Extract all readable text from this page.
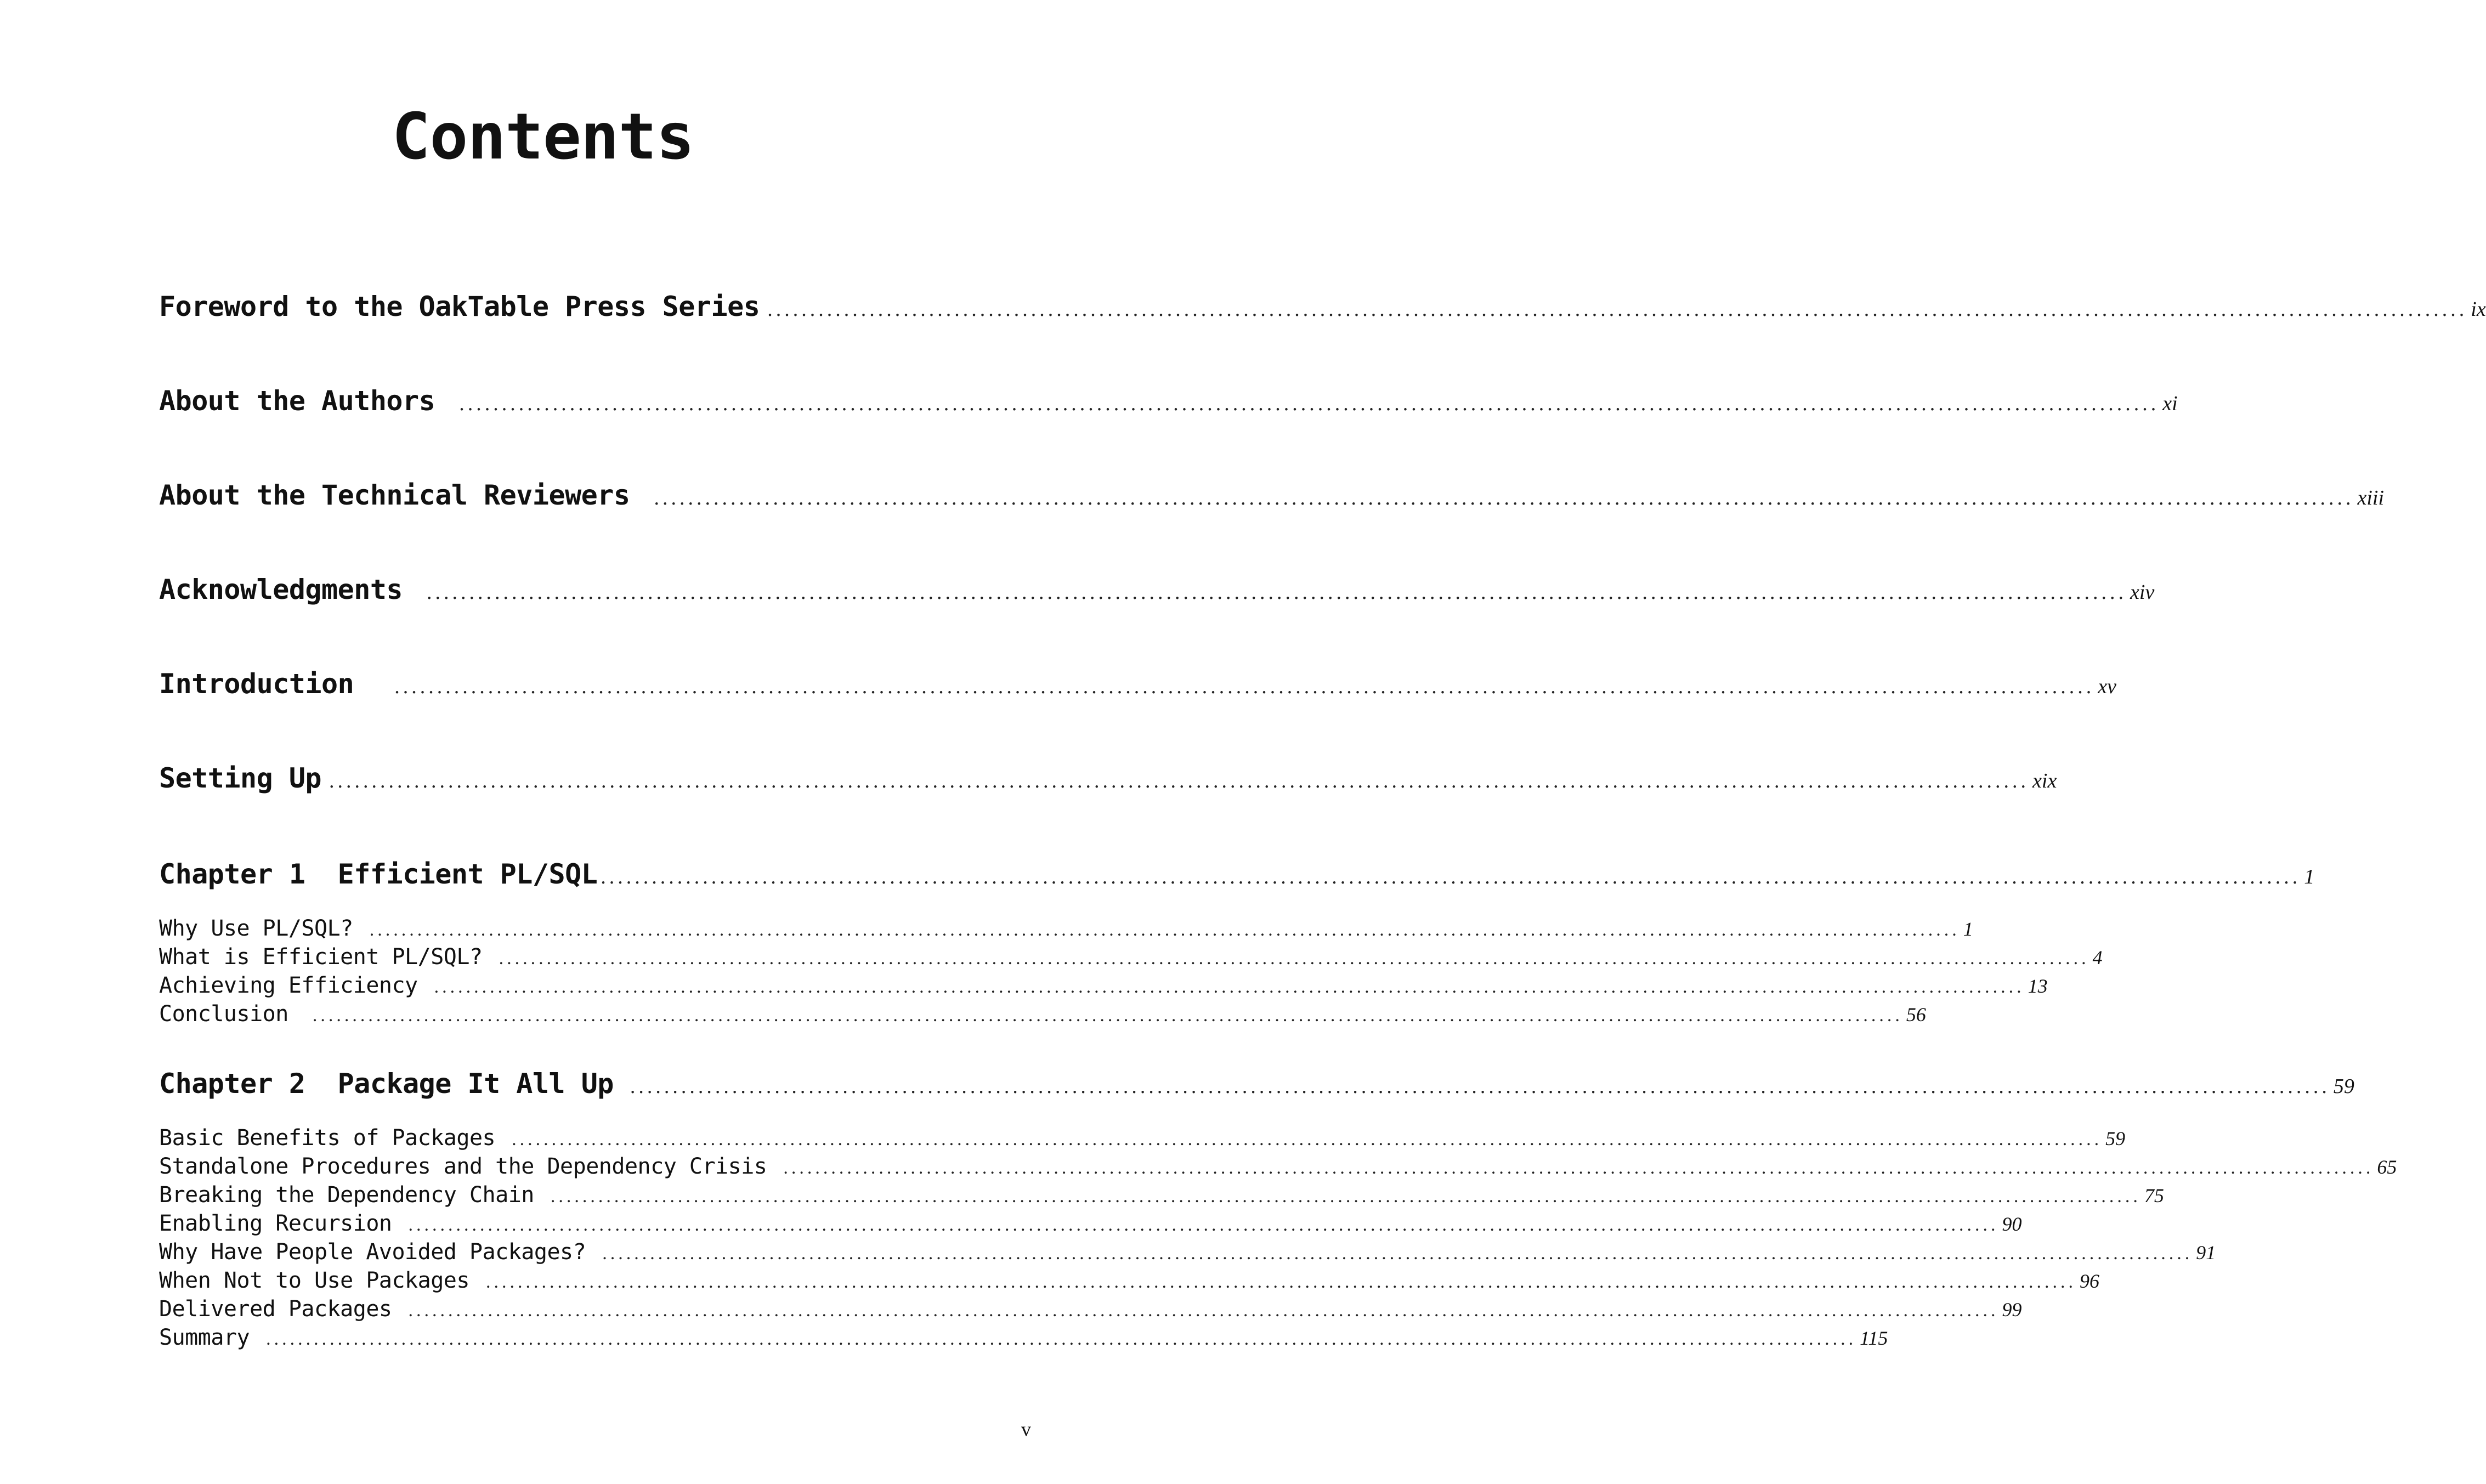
Contents
Foreword to the OakTable Press Series ........................................................................................................................................................................................................ ix
About the Authors ........................................................................................................................................................................................................ xi
About the Technical Reviewers ........................................................................................................................................................................................................ xiii
Acknowledgments ........................................................................................................................................................................................................ xiv
Introduction ........................................................................................................................................................................................................ xv
Setting Up ........................................................................................................................................................................................................ xix
Chapter 1 Efficient PL/SQL ........................................................................................................................................................................................................ 1
Why Use PL/SQL? ........................................................................................................................................................................................................ 1
What is Efficient PL/SQL? ........................................................................................................................................................................................................ 4
Achieving Efficiency ........................................................................................................................................................................................................ 13
Conclusion ........................................................................................................................................................................................................ 56
Chapter 2 Package It All Up ........................................................................................................................................................................................................ 59
Basic Benefits of Packages ........................................................................................................................................................................................................ 59
Standalone Procedures and the Dependency Crisis ........................................................................................................................................................................................................ 65
Breaking the Dependency Chain ........................................................................................................................................................................................................ 75
Enabling Recursion ........................................................................................................................................................................................................ 90
Why Have People Avoided Packages? ........................................................................................................................................................................................................ 91
When Not to Use Packages ........................................................................................................................................................................................................ 96
Delivered Packages ........................................................................................................................................................................................................ 99
Summary ........................................................................................................................................................................................................ 115
v
